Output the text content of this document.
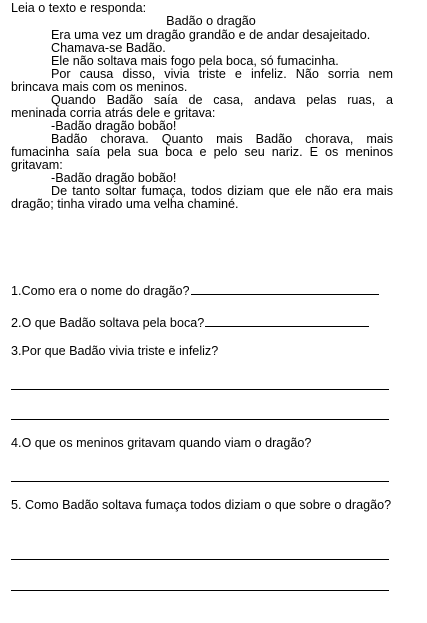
Leia o texto e responda:

Badão o dragão

Era uma vez um dragão grandão e de andar desajeitado.

Chamava-se Badão.

Ele não soltava mais fogo pela boca, só fumacinha.

Por causa disso, vivia triste e infeliz. Não sorria nem brincava mais com os meninos.

Quando Badão saía de casa, andava pelas ruas, a meninada corria atrás dele e gritava:

-Badão dragão bobão!

Badão chorava. Quanto mais Badão chorava, mais fumacinha saía pela sua boca e pelo seu nariz. E os meninos gritavam:

-Badão dragão bobão!

De tanto soltar fumaça, todos diziam que ele não era mais dragão; tinha virado uma velha chaminé.

1.Como era o nome do dragão?

2.O que Badão soltava pela boca?

3.Por que Badão vivia triste e infeliz?

4.O que os meninos gritavam quando viam o dragão?

5. Como Badão soltava fumaça todos diziam o que sobre o dragão?
